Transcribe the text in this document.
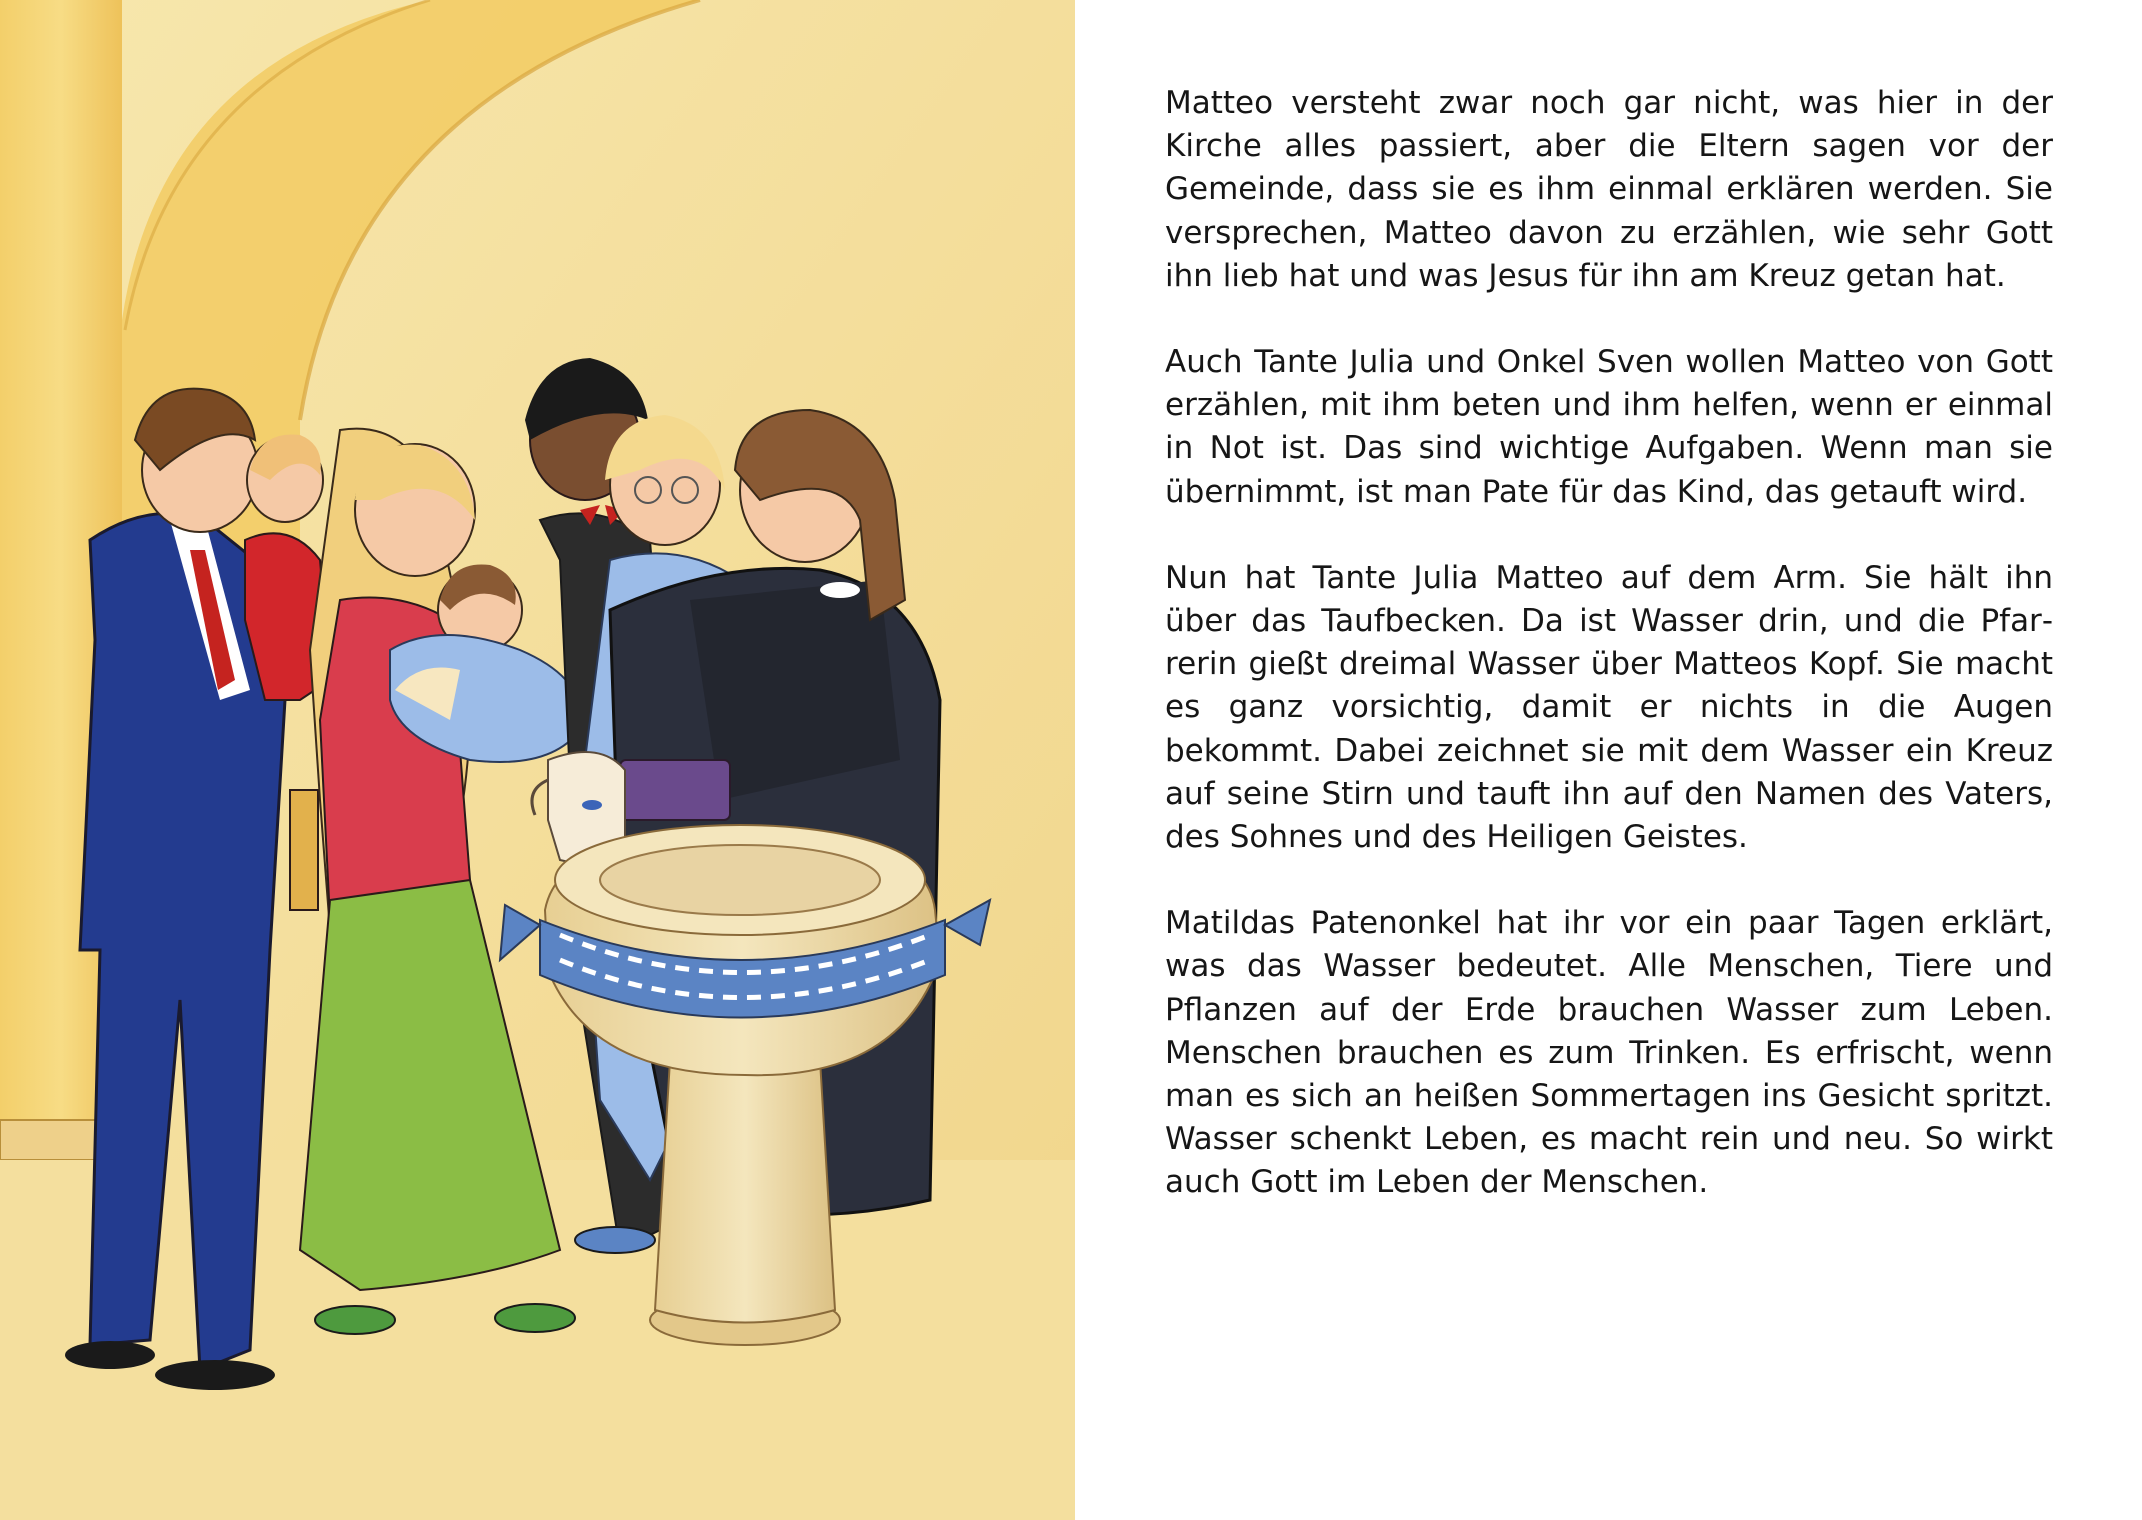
Matteo versteht zwar noch gar nicht, was hier in der Kirche alles passiert, aber die Eltern sagen vor der Gemeinde, dass sie es ihm einmal erklären werden. Sie versprechen, Matteo davon zu erzählen, wie sehr Gott ihn lieb hat und was Jesus für ihn am Kreuz getan hat.

Auch Tante Julia und Onkel Sven wollen Matteo von Gott erzählen, mit ihm beten und ihm helfen, wenn er einmal in Not ist. Das sind wichtige Aufgaben. Wenn man sie übernimmt, ist man Pate für das Kind, das getauft wird.

Nun hat Tante Julia Matteo auf dem Arm. Sie hält ihn über das Taufbecken. Da ist Wasser drin, und die Pfarrerin gießt dreimal Wasser über Matteos Kopf. Sie macht es ganz vorsichtig, damit er nichts in die Augen bekommt. Dabei zeichnet sie mit dem Wasser ein Kreuz auf seine Stirn und tauft ihn auf den Namen des Vaters, des Sohnes und des Heiligen Geistes.

Matildas Patenonkel hat ihr vor ein paar Tagen erklärt, was das Wasser bedeutet. Alle Menschen, Tiere und Pflanzen auf der Erde brauchen Wasser zum Leben. Menschen brauchen es zum Trinken. Es erfrischt, wenn man es sich an heißen Sommertagen ins Gesicht spritzt. Wasser schenkt Leben, es macht rein und neu. So wirkt auch Gott im Leben der Menschen.
